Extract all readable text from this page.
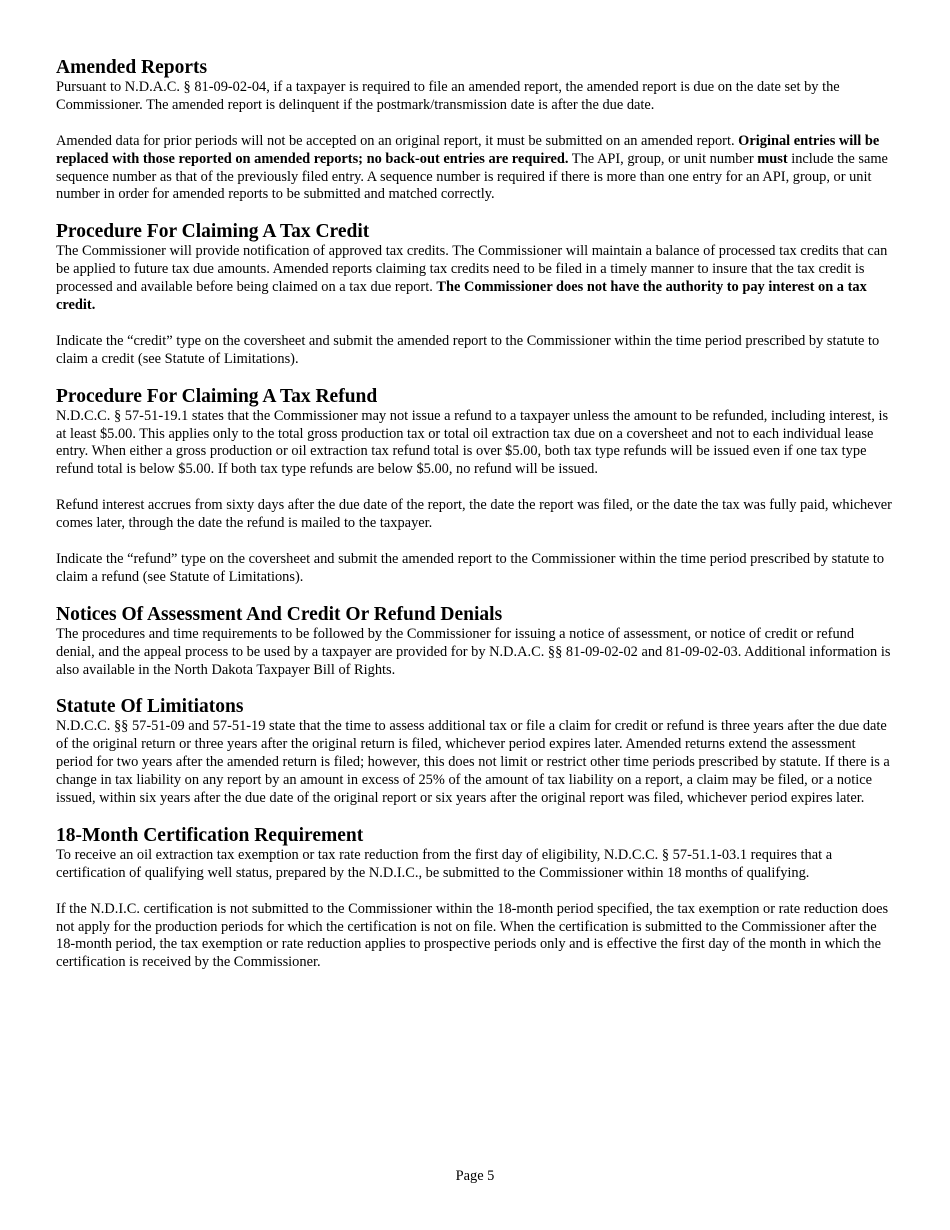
Amended Reports

Pursuant to N.D.A.C. § 81-09-02-04, if a taxpayer is required to file an amended report, the amended report is due on the date set by the Commissioner. The amended report is delinquent if the postmark/transmission date is after the due date.

Amended data for prior periods will not be accepted on an original report, it must be submitted on an amended report. Original entries will be replaced with those reported on amended reports; no back-out entries are required. The API, group, or unit number must include the same sequence number as that of the previously filed entry. A sequence number is required if there is more than one entry for an API, group, or unit number in order for amended reports to be submitted and matched correctly.

Procedure For Claiming A Tax Credit

The Commissioner will provide notification of approved tax credits. The Commissioner will maintain a balance of processed tax credits that can be applied to future tax due amounts. Amended reports claiming tax credits need to be filed in a timely manner to insure that the tax credit is processed and available before being claimed on a tax due report. The Commissioner does not have the authority to pay interest on a tax credit.

Indicate the “credit” type on the coversheet and submit the amended report to the Commissioner within the time period prescribed by statute to claim a credit (see Statute of Limitations).

Procedure For Claiming A Tax Refund

N.D.C.C. § 57-51-19.1 states that the Commissioner may not issue a refund to a taxpayer unless the amount to be refunded, including interest, is at least $5.00. This applies only to the total gross production tax or total oil extraction tax due on a coversheet and not to each individual lease entry. When either a gross production or oil extraction tax refund total is over $5.00, both tax type refunds will be issued even if one tax type refund total is below $5.00. If both tax type refunds are below $5.00, no refund will be issued.

Refund interest accrues from sixty days after the due date of the report, the date the report was filed, or the date the tax was fully paid, whichever comes later, through the date the refund is mailed to the taxpayer.

Indicate the “refund” type on the coversheet and submit the amended report to the Commissioner within the time period prescribed by statute to claim a refund (see Statute of Limitations).

Notices Of Assessment And Credit Or Refund Denials

The procedures and time requirements to be followed by the Commissioner for issuing a notice of assessment, or notice of credit or refund denial, and the appeal process to be used by a taxpayer are provided for by N.D.A.C. §§ 81-09-02-02 and 81-09-02-03. Additional information is also available in the North Dakota Taxpayer Bill of Rights.

Statute Of Limitiatons

N.D.C.C. §§ 57-51-09 and 57-51-19 state that the time to assess additional tax or file a claim for credit or refund is three years after the due date of the original return or three years after the original return is filed, whichever period expires later. Amended returns extend the assessment period for two years after the amended return is filed; however, this does not limit or restrict other time periods prescribed by statute. If there is a change in tax liability on any report by an amount in excess of 25% of the amount of tax liability on a report, a claim may be filed, or a notice issued, within six years after the due date of the original report or six years after the original report was filed, whichever period expires later.

18-Month Certification Requirement

To receive an oil extraction tax exemption or tax rate reduction from the first day of eligibility, N.D.C.C. § 57-51.1-03.1 requires that a certification of qualifying well status, prepared by the N.D.I.C., be submitted to the Commissioner within 18 months of qualifying.

If the N.D.I.C. certification is not submitted to the Commissioner within the 18-month period specified, the tax exemption or rate reduction does not apply for the production periods for which the certification is not on file. When the certification is submitted to the Commissioner after the 18-month period, the tax exemption or rate reduction applies to prospective periods only and is effective the first day of the month in which the certification is received by the Commissioner.

Page 5
